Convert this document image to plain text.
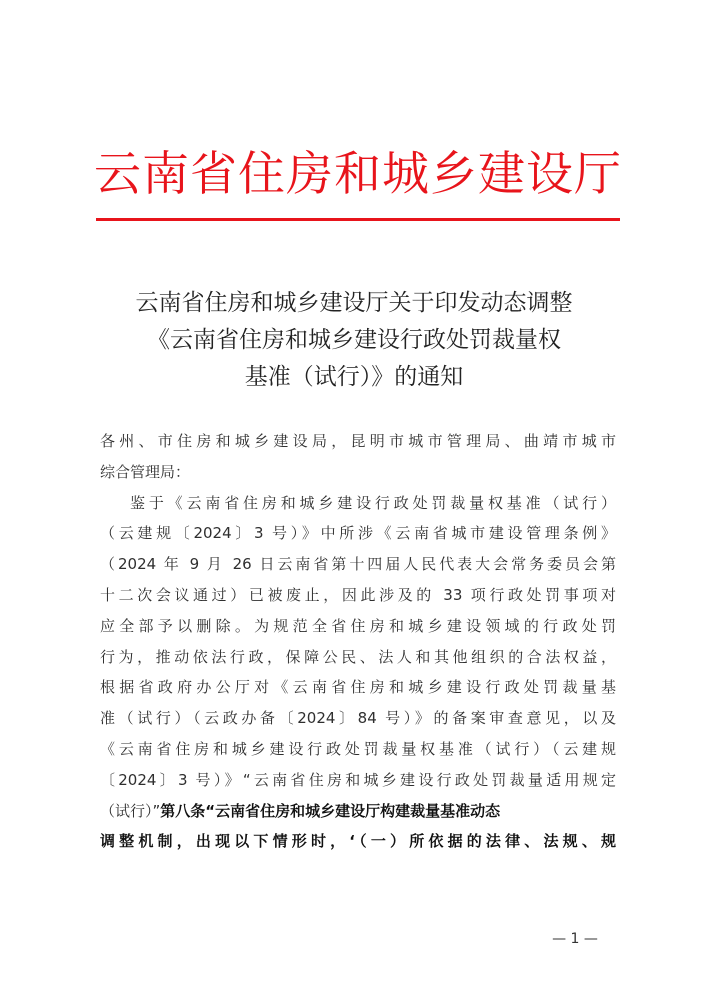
云南省住房和城乡建设厅
云南省住房和城乡建设厅关于印发动态调整
《云南省住房和城乡建设行政处罚裁量权
基准（试行）》的通知
各州、市住房和城乡建设局，昆明市城市管理局、曲靖市城市
综合管理局：
鉴于《云南省住房和城乡建设行政处罚裁量权基准（试行）
（云建规〔2024〕3 号）》中所涉《云南省城市建设管理条例》
（2024 年 9 月 26 日云南省第十四届人民代表大会常务委员会第
十二次会议通过）已被废止，因此涉及的 33 项行政处罚事项对
应全部予以删除。为规范全省住房和城乡建设领域的行政处罚
行为，推动依法行政，保障公民、法人和其他组织的合法权益，
根据省政府办公厅对《云南省住房和城乡建设行政处罚裁量基
准（试行）（云政办备〔2024〕84 号）》的备案审查意见，以及
《云南省住房和城乡建设行政处罚裁量权基准（试行）（云建规
〔2024〕3 号）》“云南省住房和城乡建设行政处罚裁量适用规定
（试行）”第八条“云南省住房和城乡建设厅构建裁量基准动态
调整机制，出现以下情形时，‘（一）所依据的法律、法规、规
— 1 —
